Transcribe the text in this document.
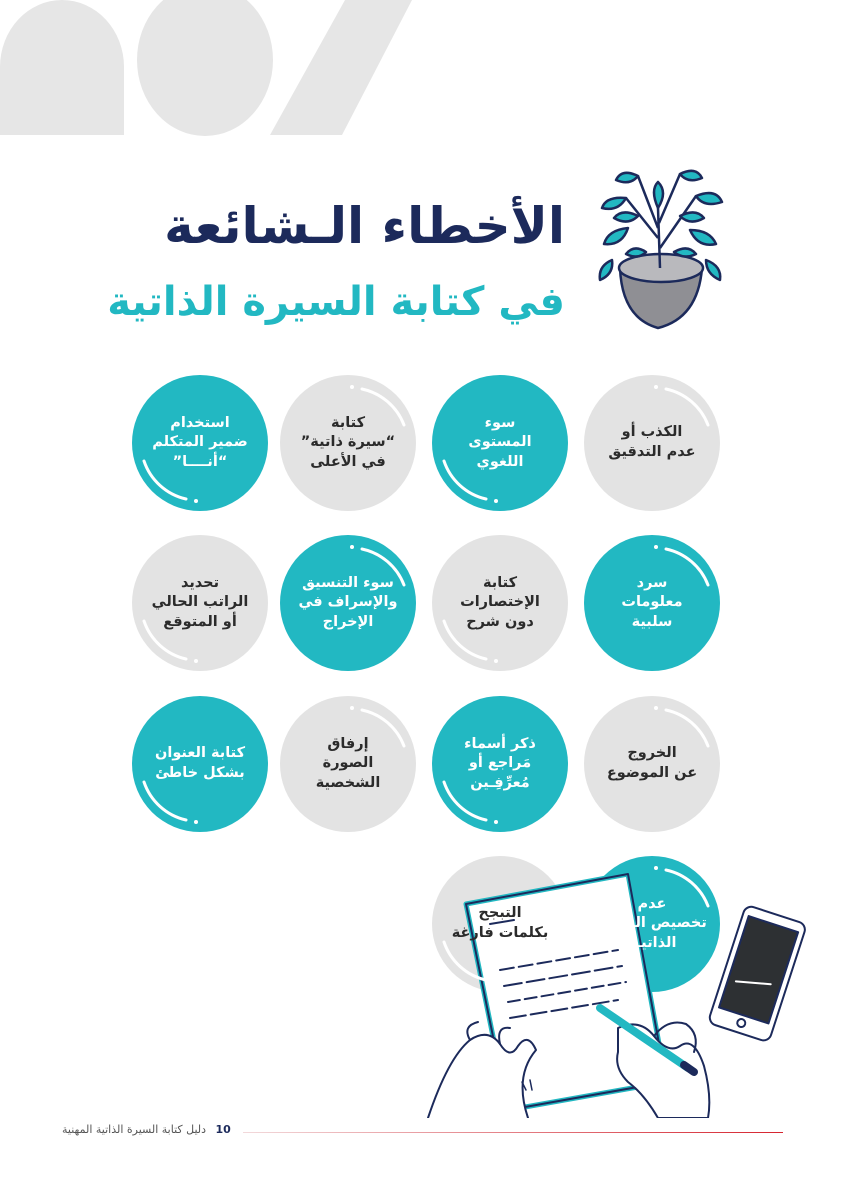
الأخطاء الـشائعة
في كتابة السيرة الذاتية
الكذب أو
عدم التدقيق
سوء
المستوى
اللغوي
كتابة
“سيرة ذاتية”
في الأعلى
استخدام
ضمير المتكلم
“أنــــا”
سرد
معلومات
سلبية
كتابة
الإختصارات
دون شرح
سوء التنسيق
والإسراف في
الإخراج
تحديد
الراتب الحالي
أو المتوقع
الخروج
عن الموضوع
ذكر أسماء
مَراجع أو
مُعرِّفِـين
إرفاق
الصورة
الشخصية
كتابة العنوان
بشكل خاطئ
عدم
تخصيص السيرة
الذاتيـة
التبجح
بكلمات فارغة
10 دليل كتابة السيرة الذاتية المهنية
